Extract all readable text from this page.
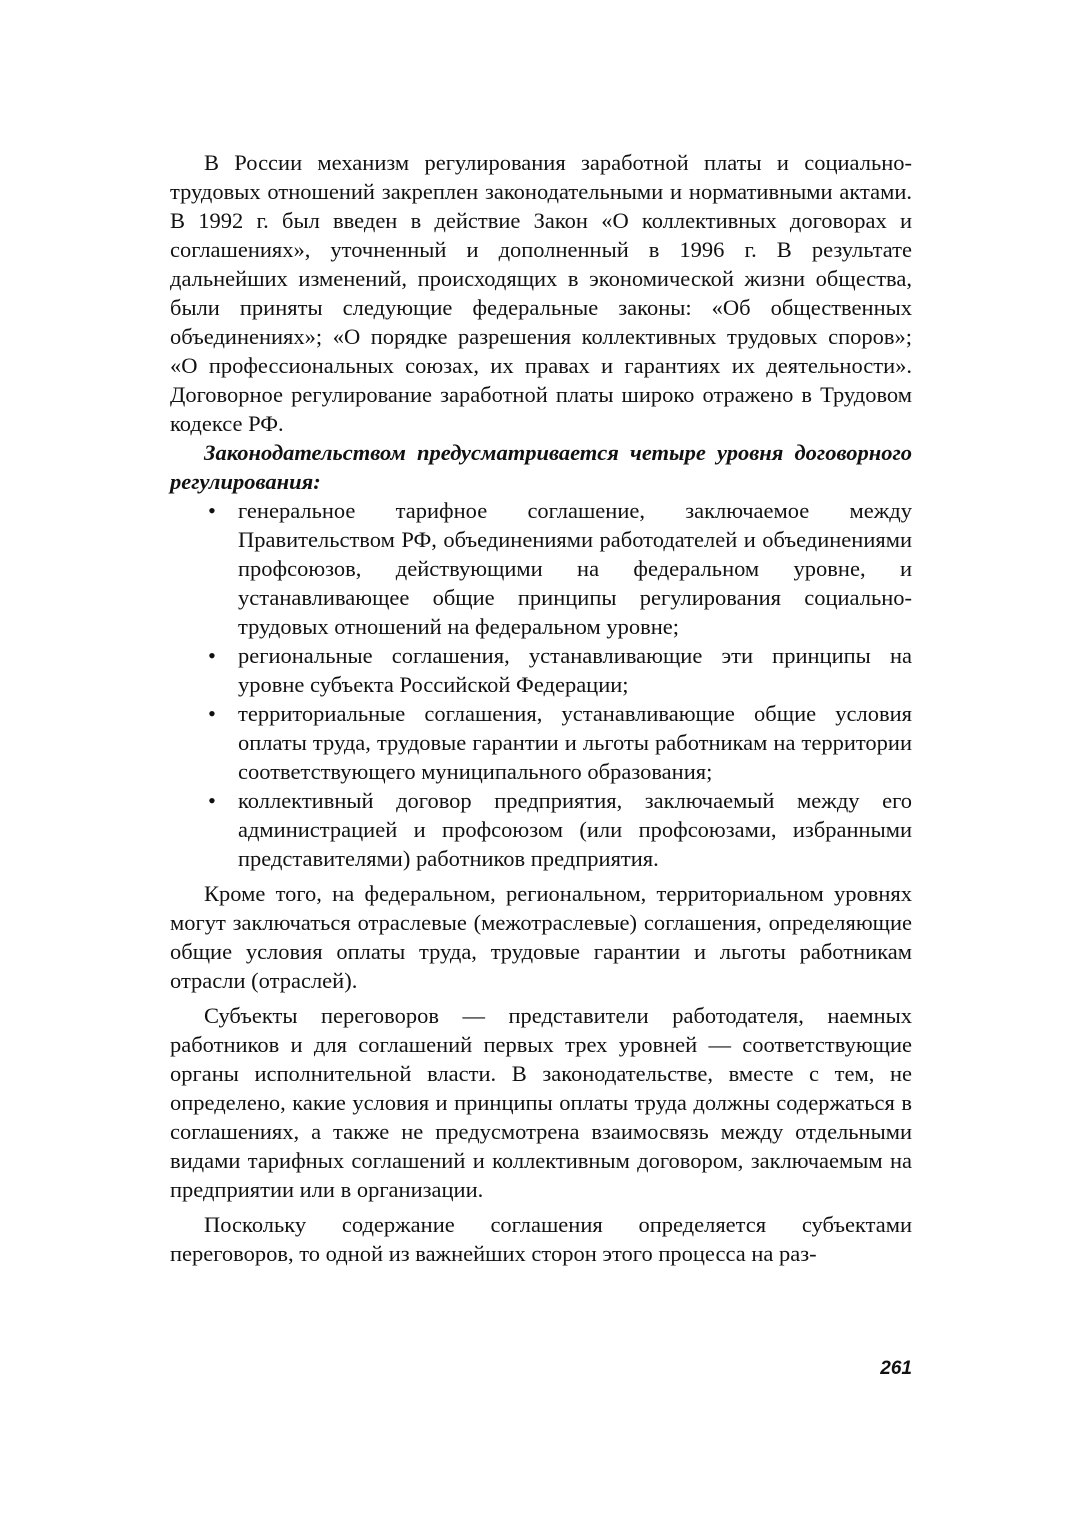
В России механизм регулирования заработной платы и социально-трудовых отношений закреплен законодательными и нормативными актами. В 1992 г. был введен в действие Закон «О коллективных договорах и соглашениях», уточненный и дополненный в 1996 г. В результате дальнейших изменений, происходящих в экономической жизни общества, были приняты следующие федеральные законы: «Об общественных объединениях»; «О порядке разрешения коллективных трудовых споров»; «О профессиональных союзах, их правах и гарантиях их деятельности». Договорное регулирование заработной платы широко отражено в Трудовом кодексе РФ.

Законодательством предусматривается четыре уровня договорного регулирования:

• генеральное тарифное соглашение, заключаемое между Правительством РФ, объединениями работодателей и объединениями профсоюзов, действующими на федеральном уровне, и устанавливающее общие принципы регулирования социально-трудовых отношений на федеральном уровне;
• региональные соглашения, устанавливающие эти принципы на уровне субъекта Российской Федерации;
• территориальные соглашения, устанавливающие общие условия оплаты труда, трудовые гарантии и льготы работникам на территории соответствующего муниципального образования;
• коллективный договор предприятия, заключаемый между его администрацией и профсоюзом (или профсоюзами, избранными представителями) работников предприятия.

Кроме того, на федеральном, региональном, территориальном уровнях могут заключаться отраслевые (межотраслевые) соглашения, определяющие общие условия оплаты труда, трудовые гарантии и льготы работникам отрасли (отраслей).

Субъекты переговоров — представители работодателя, наемных работников и для соглашений первых трех уровней — соответствующие органы исполнительной власти. В законодательстве, вместе с тем, не определено, какие условия и принципы оплаты труда должны содержаться в соглашениях, а также не предусмотрена взаимосвязь между отдельными видами тарифных соглашений и коллективным договором, заключаемым на предприятии или в организации.

Поскольку содержание соглашения определяется субъектами переговоров, то одной из важнейших сторон этого процесса на раз-

261
